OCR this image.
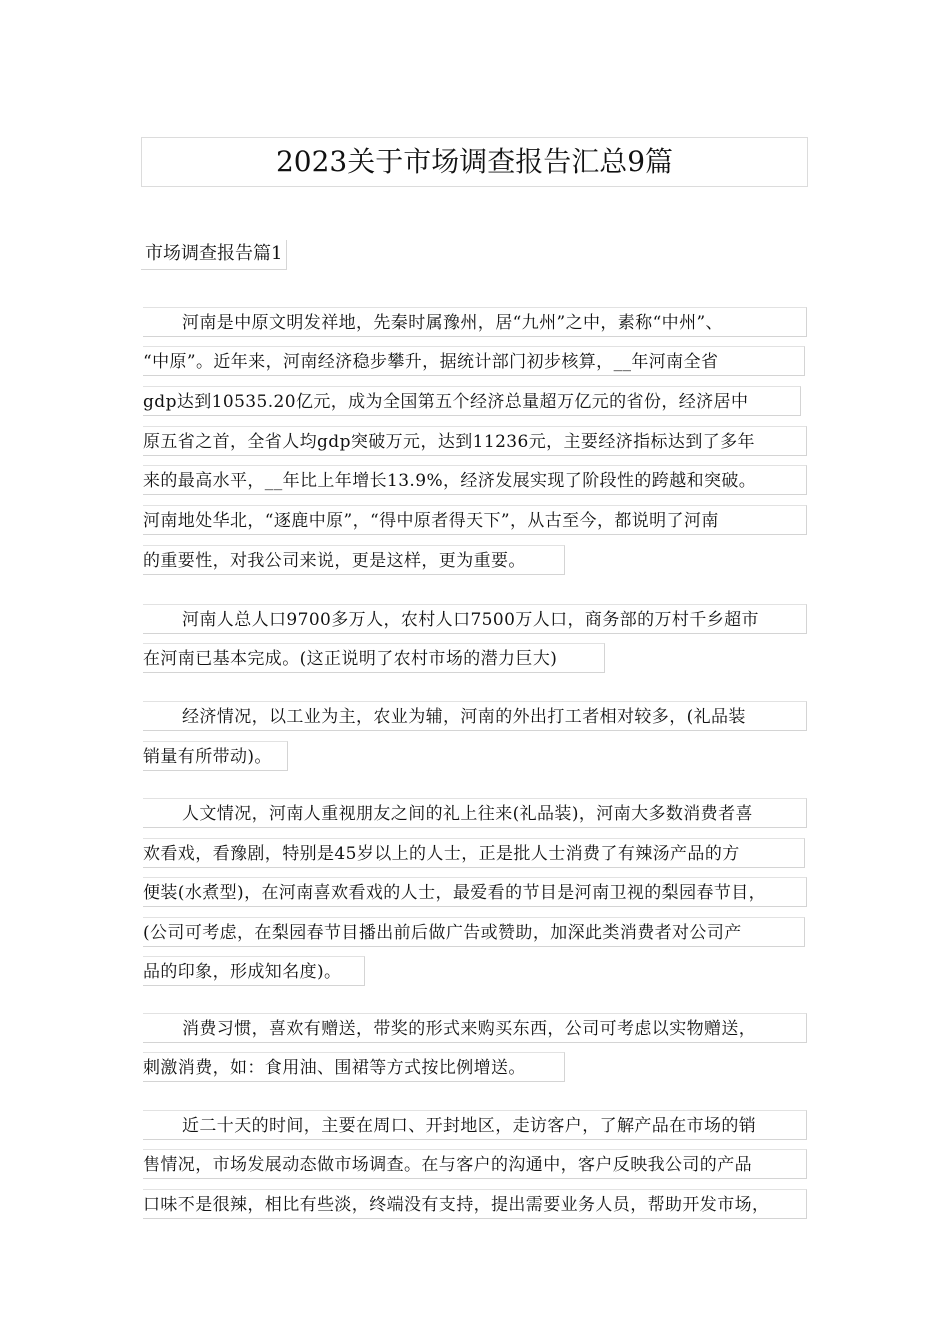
2023关于市场调查报告汇总9篇
市场调查报告篇1
河南是中原文明发祥地，先秦时属豫州，居“九州”之中，素称“中州”、
“中原”。近年来，河南经济稳步攀升，据统计部门初步核算，__年河南全省
gdp达到10535.20亿元，成为全国第五个经济总量超万亿元的省份，经济居中
原五省之首，全省人均gdp突破万元，达到11236元，主要经济指标达到了多年
来的最高水平，__年比上年增长13.9%，经济发展实现了阶段性的跨越和突破。
河南地处华北，“逐鹿中原”，“得中原者得天下”，从古至今，都说明了河南
的重要性，对我公司来说，更是这样，更为重要。
河南人总人口9700多万人，农村人口7500万人口，商务部的万村千乡超市
在河南已基本完成。(这正说明了农村市场的潜力巨大)
经济情况，以工业为主，农业为辅，河南的外出打工者相对较多，(礼品装
销量有所带动)。
人文情况，河南人重视朋友之间的礼上往来(礼品装)，河南大多数消费者喜
欢看戏，看豫剧，特别是45岁以上的人士，正是批人士消费了有辣汤产品的方
便装(水煮型)，在河南喜欢看戏的人士，最爱看的节目是河南卫视的梨园春节目，
(公司可考虑，在梨园春节目播出前后做广告或赞助，加深此类消费者对公司产
品的印象，形成知名度)。
消费习惯，喜欢有赠送，带奖的形式来购买东西，公司可考虑以实物赠送，
刺激消费，如：食用油、围裙等方式按比例增送。
近二十天的时间，主要在周口、开封地区，走访客户，了解产品在市场的销
售情况，市场发展动态做市场调查。在与客户的沟通中，客户反映我公司的产品
口味不是很辣，相比有些淡，终端没有支持，提出需要业务人员，帮助开发市场，
